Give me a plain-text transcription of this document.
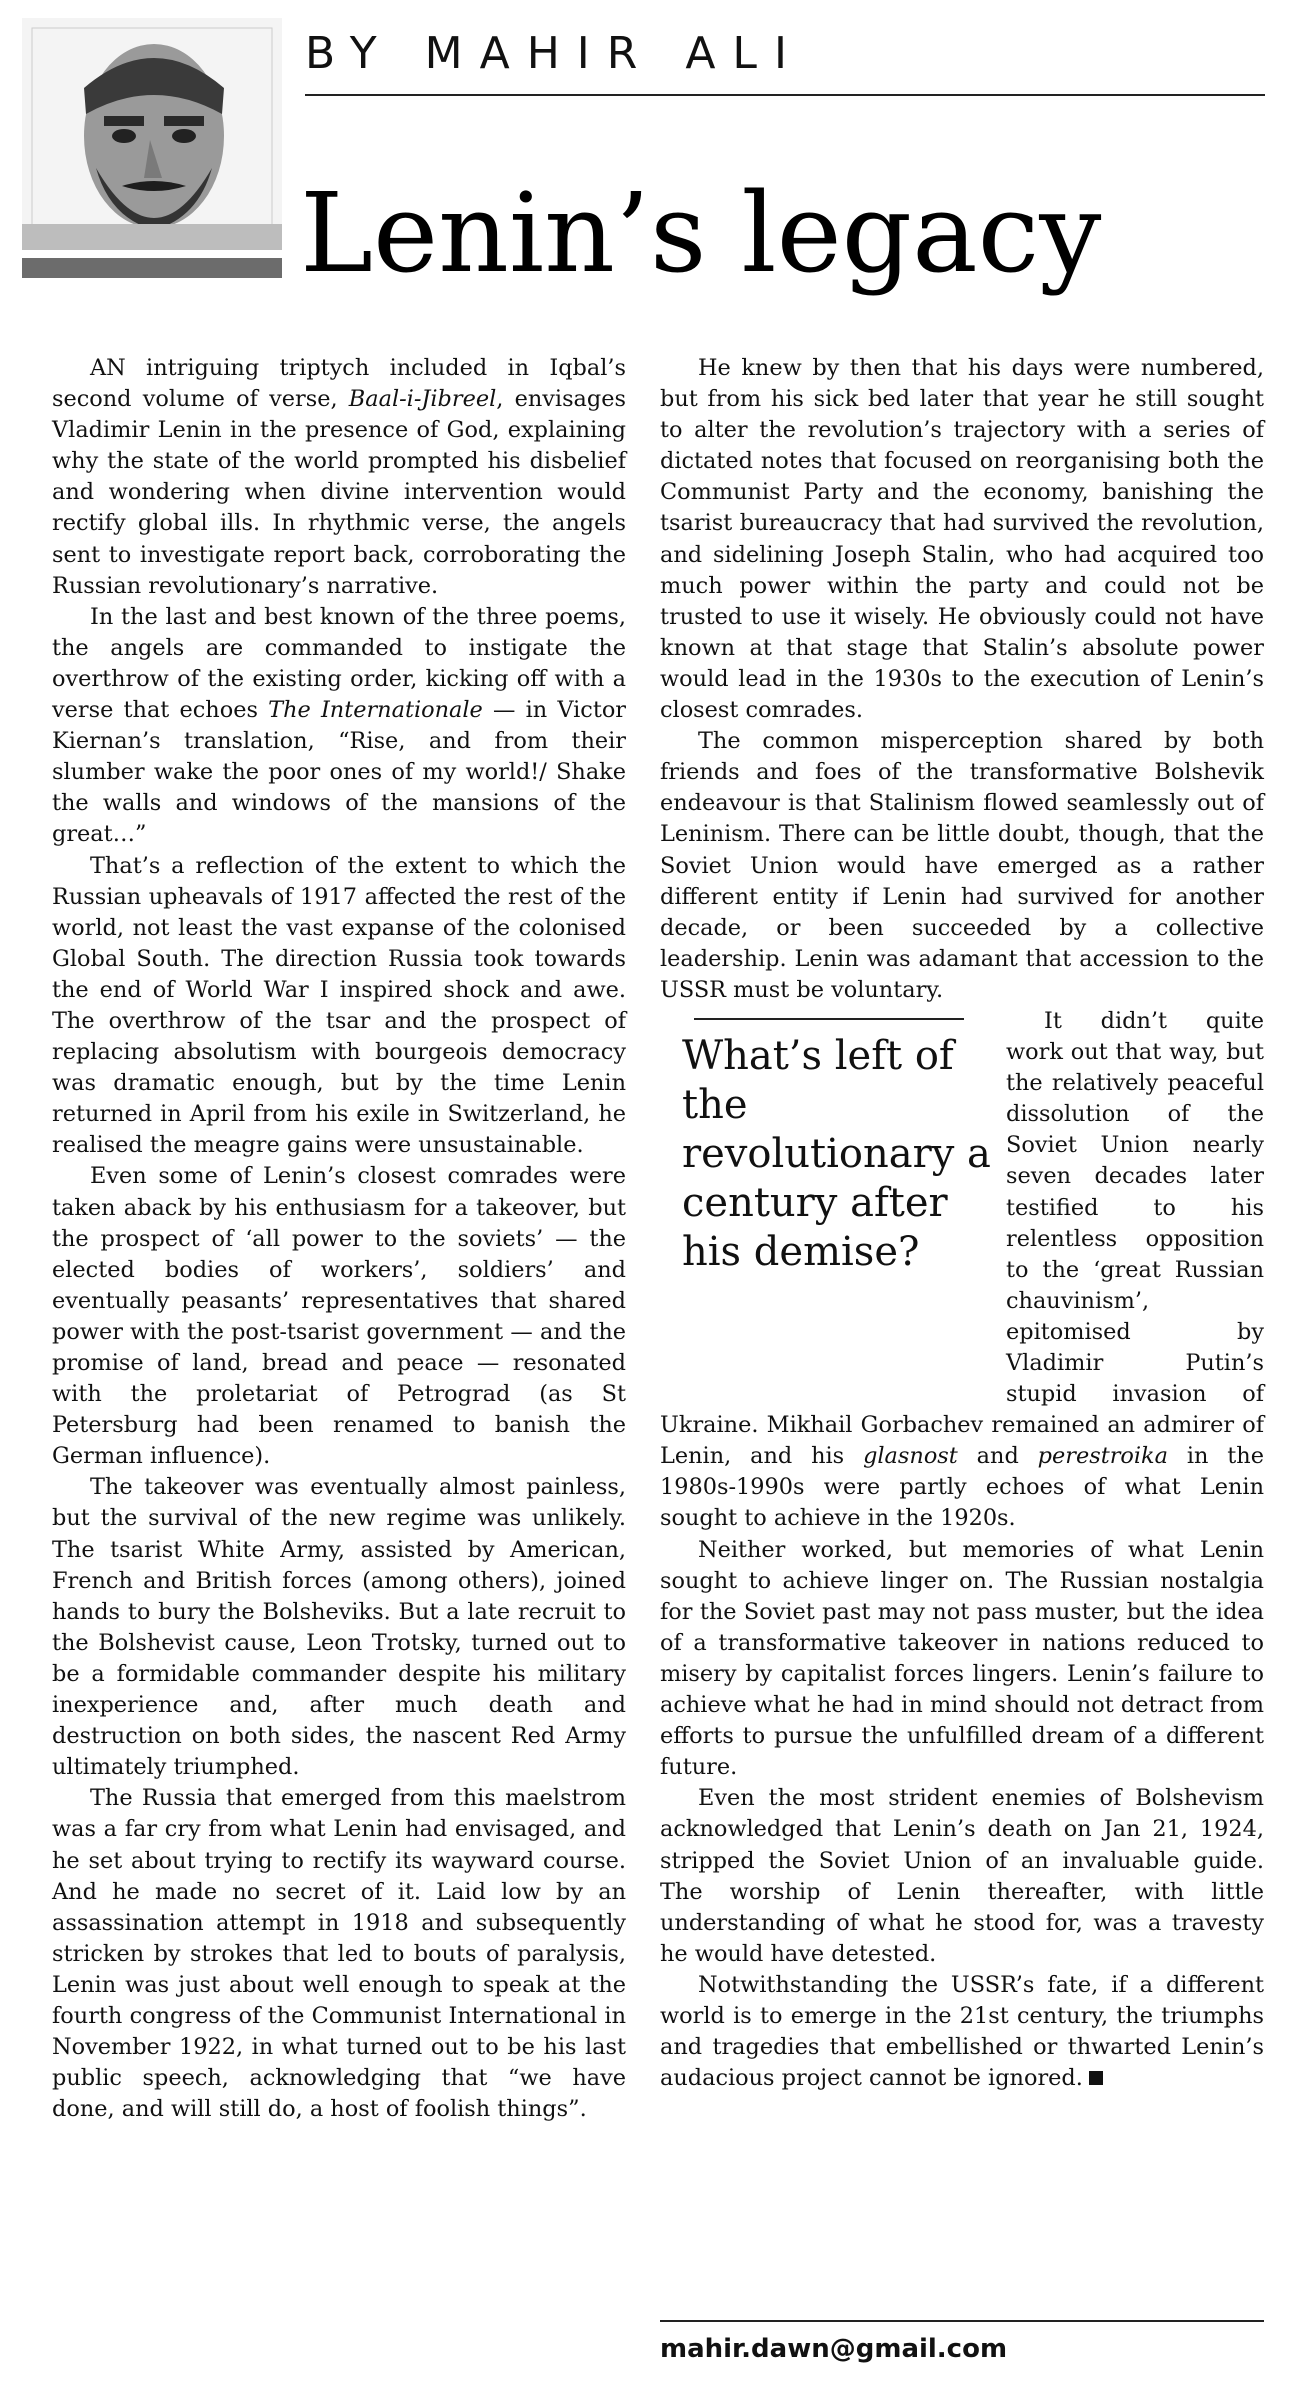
BY MAHIR ALI
Lenin’s legacy

AN intriguing triptych included in Iqbal’s second volume of verse, Baal-i-Jibreel, envisages Vladimir Lenin in the presence of God, explaining why the state of the world prompted his disbelief and wondering when divine intervention would rectify global ills. In rhythmic verse, the angels sent to investigate report back, corroborating the Russian revolutionary’s narrative.

In the last and best known of the three poems, the angels are commanded to instigate the overthrow of the existing order, kicking off with a verse that echoes The Internationale — in Victor Kiernan’s translation, “Rise, and from their slumber wake the poor ones of my world!/ Shake the walls and windows of the mansions of the great…”

That’s a reflection of the extent to which the Russian upheavals of 1917 affected the rest of the world, not least the vast expanse of the colonised Global South. The direction Russia took towards the end of World War I inspired shock and awe. The overthrow of the tsar and the prospect of replacing absolutism with bourgeois democracy was dramatic enough, but by the time Lenin returned in April from his exile in Switzerland, he realised the meagre gains were unsustainable.

Even some of Lenin’s closest comrades were taken aback by his enthusiasm for a takeover, but the prospect of ‘all power to the soviets’ — the elected bodies of workers’, soldiers’ and eventually peasants’ representatives that shared power with the post-tsarist government — and the promise of land, bread and peace — resonated with the proletariat of Petrograd (as St Petersburg had been renamed to banish the German influence).

The takeover was eventually almost painless, but the survival of the new regime was unlikely. The tsarist White Army, assisted by American, French and British forces (among others), joined hands to bury the Bolsheviks. But a late recruit to the Bolshevist cause, Leon Trotsky, turned out to be a formidable commander despite his military inexperience and, after much death and destruction on both sides, the nascent Red Army ultimately triumphed.

The Russia that emerged from this maelstrom was a far cry from what Lenin had envisaged, and he set about trying to rectify its wayward course. And he made no secret of it. Laid low by an assassination attempt in 1918 and subsequently stricken by strokes that led to bouts of paralysis, Lenin was just about well enough to speak at the fourth congress of the Communist International in November 1922, in what turned out to be his last public speech, acknowledging that “we have done, and will still do, a host of foolish things”.

He knew by then that his days were numbered, but from his sick bed later that year he still sought to alter the revolution’s trajectory with a series of dictated notes that focused on reorganising both the Communist Party and the economy, banishing the tsarist bureaucracy that had survived the revolution, and sidelining Joseph Stalin, who had acquired too much power within the party and could not be trusted to use it wisely. He obviously could not have known at that stage that Stalin’s absolute power would lead in the 1930s to the execution of Lenin’s closest comrades.

The common misperception shared by both friends and foes of the transformative Bolshevik endeavour is that Stalinism flowed seamlessly out of Leninism. There can be little doubt, though, that the Soviet Union would have emerged as a rather different entity if Lenin had survived for another decade, or been succeeded by a collective leadership. Lenin was adamant that accession to the USSR must be voluntary.

What’s left of the revolutionary a century after his demise?

It didn’t quite work out that way, but the relatively peaceful dissolution of the Soviet Union nearly seven decades later testified to his relentless opposition to the ‘great Russian chauvinism’, epitomised by Vladimir Putin’s stupid invasion of Ukraine. Mikhail Gorbachev remained an admirer of Lenin, and his glasnost and perestroika in the 1980s-1990s were partly echoes of what Lenin sought to achieve in the 1920s.

Neither worked, but memories of what Lenin sought to achieve linger on. The Russian nostalgia for the Soviet past may not pass muster, but the idea of a transformative takeover in nations reduced to misery by capitalist forces lingers. Lenin’s failure to achieve what he had in mind should not detract from efforts to pursue the unfulfilled dream of a different future.

Even the most strident enemies of Bolshevism acknowledged that Lenin’s death on Jan 21, 1924, stripped the Soviet Union of an invaluable guide. The worship of Lenin thereafter, with little understanding of what he stood for, was a travesty he would have detested.

Notwithstanding the USSR’s fate, if a different world is to emerge in the 21st century, the triumphs and tragedies that embellished or thwarted Lenin’s audacious project cannot be ignored.

mahir.dawn@gmail.com
